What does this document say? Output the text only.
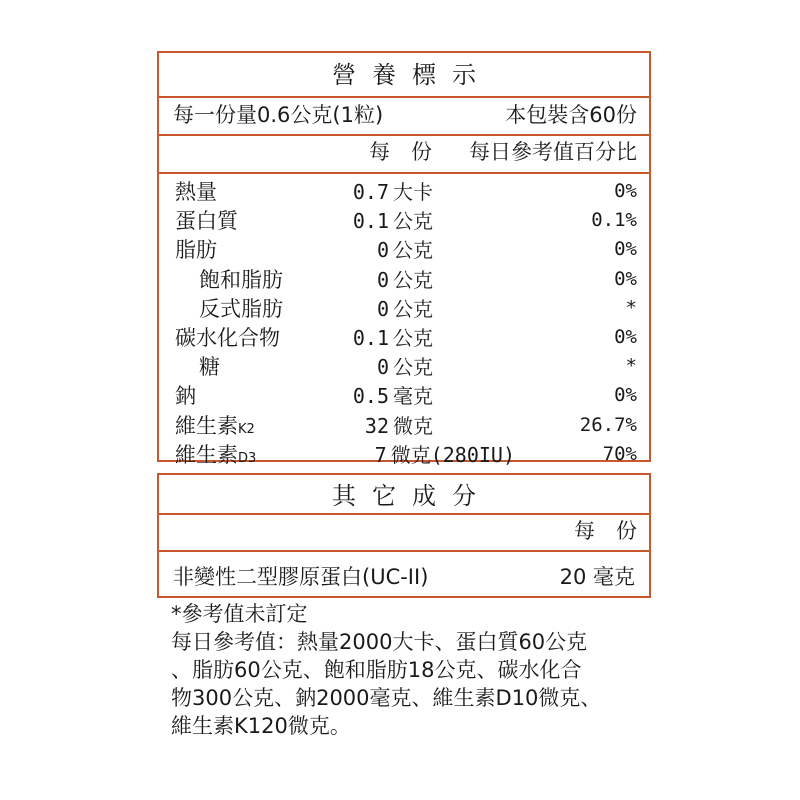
營養標示
每一份量0.6公克(1粒)	本包裝含60份
每　份 每日參考值百分比
熱量	0.7 大卡	0%
蛋白質	0.1 公克	0.1%
脂肪	0 公克	0%
飽和脂肪	0 公克	0%
反式脂肪	0 公克	*
碳水化合物	0.1 公克	0%
糖	0 公克	*
鈉	0.5 毫克	0%
維生素K2	32 微克	26.7%
維生素D3	7 微克(280IU)	70%
其它成分
每　份
非變性二型膠原蛋白(UC-II)	20 毫克
*參考值未訂定
每日參考值：熱量2000大卡、蛋白質60公克
、脂肪60公克、飽和脂肪18公克、碳水化合
物300公克、鈉2000毫克、維生素D10微克、
維生素K120微克。
